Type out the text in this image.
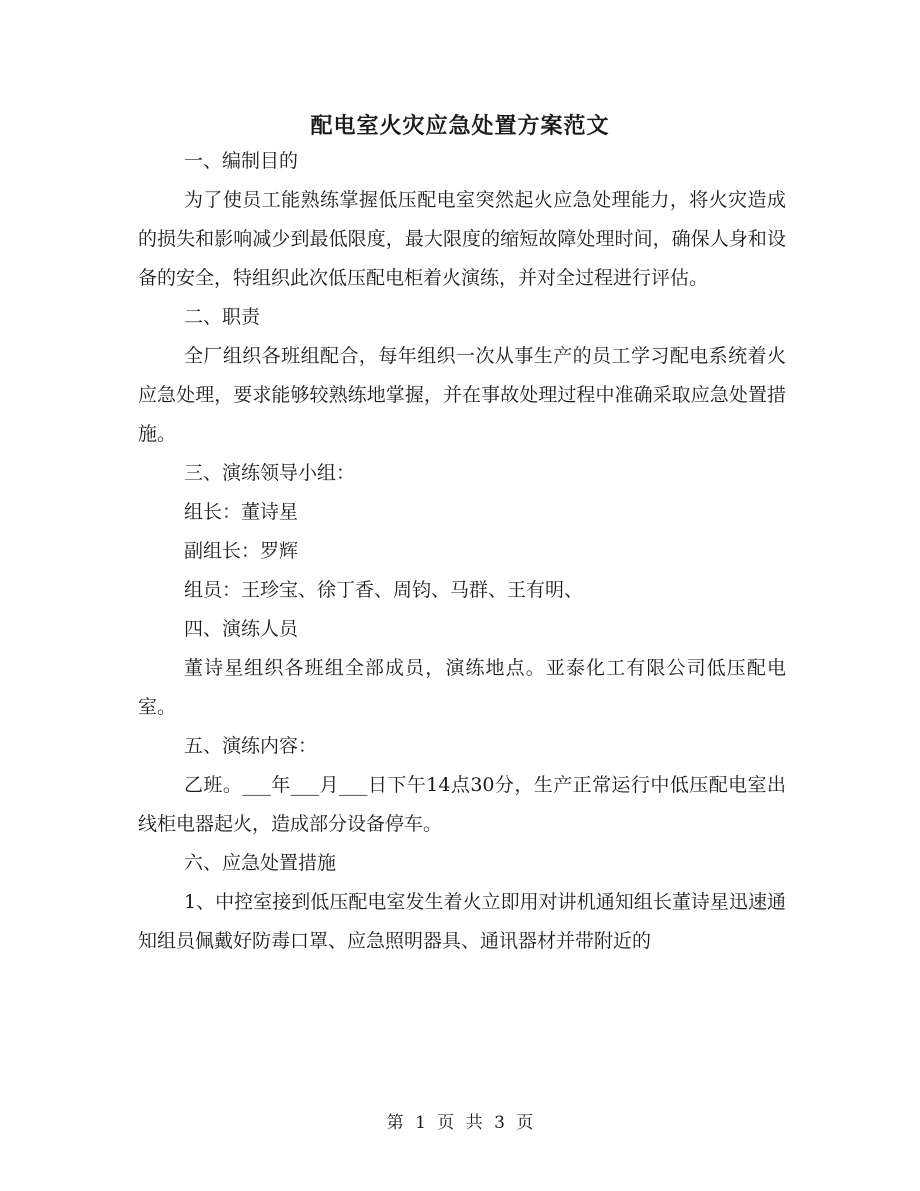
配电室火灾应急处置方案范文

一、编制目的

为了使员工能熟练掌握低压配电室突然起火应急处理能力，将火灾造成的损失和影响减少到最低限度，最大限度的缩短故障处理时间，确保人身和设备的安全，特组织此次低压配电柜着火演练，并对全过程进行评估。

二、职责

全厂组织各班组配合，每年组织一次从事生产的员工学习配电系统着火应急处理，要求能够较熟练地掌握，并在事故处理过程中准确采取应急处置措施。

三、演练领导小组：

组长：董诗星

副组长：罗辉

组员：王珍宝、徐丁香、周钧、马群、王有明、

四、演练人员

董诗星组织各班组全部成员，演练地点。亚泰化工有限公司低压配电室。

五、演练内容：

乙班。___年___月___日下午14点30分，生产正常运行中低压配电室出线柜电器起火，造成部分设备停车。

六、应急处置措施

1、中控室接到低压配电室发生着火立即用对讲机通知组长董诗星迅速通知组员佩戴好防毒口罩、应急照明器具、通讯器材并带附近的

第 1 页 共 3 页
